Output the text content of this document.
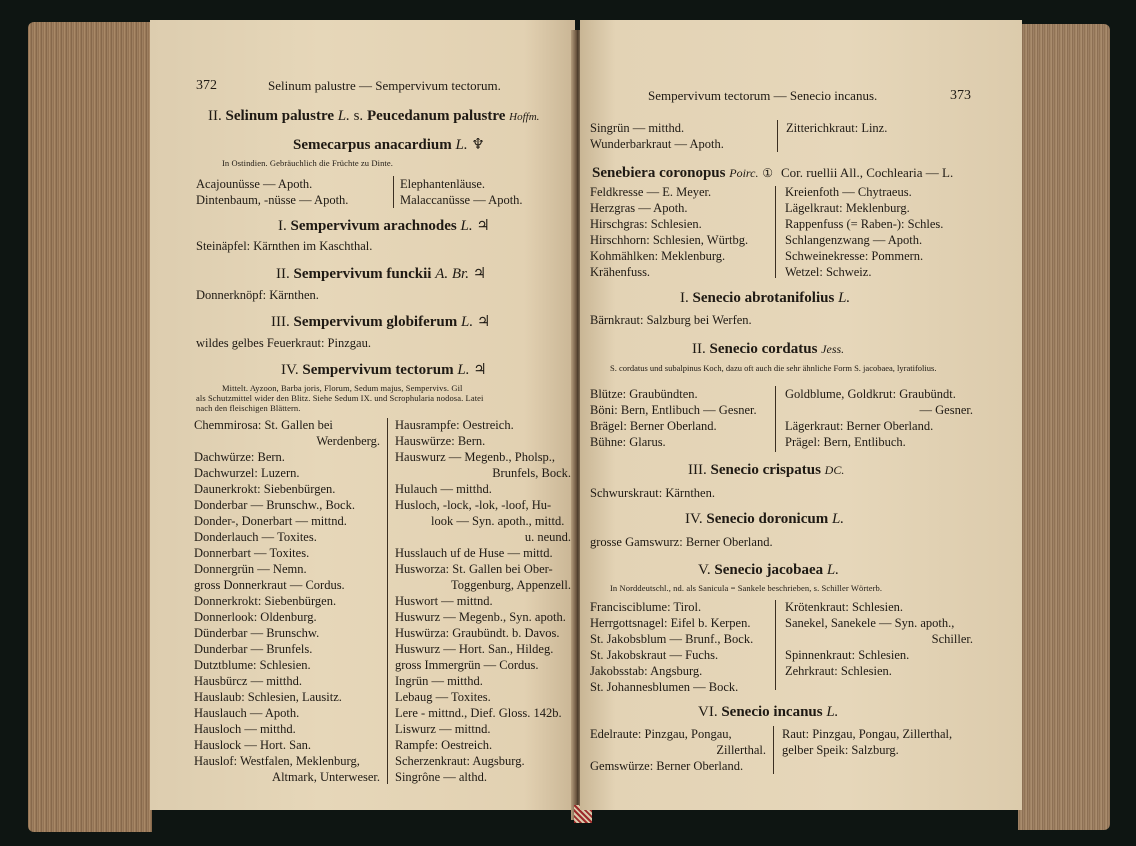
372	Selinum palustre — Sempervivum tectorum.
II. Selinum palustre L. s. Peucedanum palustre Hoffm.
Semecarpus anacardium L. ♆
In Ostindien. Gebräuchlich die Früchte zu Dinte.
Acajounüsse — Apoth.
Dintenbaum, -nüsse — Apoth.
Elephantenläuse.
Malaccanüsse — Apoth.
I. Sempervivum arachnodes L. ♃
Steinäpfel: Kärnthen im Kaschthal.
II. Sempervivum funckii A. Br. ♃
Donnerknöpf: Kärnthen.
III. Sempervivum globiferum L. ♃
wildes gelbes Feuerkraut: Pinzgau.
IV. Sempervivum tectorum L. ♃
Mittelt. Ayzoon, Barba joris, Florum, Sedum majus, Sempervivs. Gil
als Schutzmittel wider den Blitz. Siehe Sedum IX. und Scrophularia nodosa. Latei
nach den fleischigen Blättern.
Chemmirosa: St. Gallen bei
Werdenberg.
Dachwürze: Bern.
Dachwurzel: Luzern.
Daunerkrokt: Siebenbürgen.
Donderbar — Brunschw., Bock.
Donder-, Donerbart — mittnd.
Donderlauch — Toxites.
Donnerbart — Toxites.
Donnergrün — Nemn.
gross Donnerkraut — Cordus.
Donnerkrokt: Siebenbürgen.
Donnerlook: Oldenburg.
Dünderbar — Brunschw.
Dunderbar — Brunfels.
Dutztblume: Schlesien.
Hausbürcz — mitthd.
Hauslaub: Schlesien, Lausitz.
Hauslauch — Apoth.
Hausloch — mitthd.
Hauslock — Hort. San.
Hauslof: Westfalen, Meklenburg,
Altmark, Unterweser.
Hausrampfe: Oestreich.
Hauswürze: Bern.
Hauswurz — Megenb., Pholsp.,
Brunfels, Bock.
Hulauch — mitthd.
Husloch, -lock, -lok, -loof, Hu-
look — Syn. apoth., mittd.
u. neund.
Husslauch uf de Huse — mittd.
Husworza: St. Gallen bei Ober-
Toggenburg, Appenzell.
Huswort — mittnd.
Huswurz — Megenb., Syn. apoth.
Huswürza: Graubündt. b. Davos.
Huswurz — Hort. San., Hildeg.
gross Immergrün — Cordus.
Ingrün — mitthd.
Lebaug — Toxites.
Lere - mittnd., Dief. Gloss. 142b.
Liswurz — mittnd.
Rampfe: Oestreich.
Scherzenkraut: Augsburg.
Singrône — althd.
Sempervivum tectorum — Senecio incanus.	373
Singrün — mitthd.
Wunderbarkraut — Apoth.
Zitterichkraut: Linz.
Senebiera coronopus Poirc. ① Cor. ruellii All., Cochlearia — L.
Feldkresse — E. Meyer.
Herzgras — Apoth.
Hirschgras: Schlesien.
Hirschhorn: Schlesien, Würtbg.
Kohmählken: Meklenburg.
Krähenfuss.
Kreienfoth — Chytraeus.
Lägelkraut: Meklenburg.
Rappenfuss (= Raben-): Schles.
Schlangenzwang — Apoth.
Schweinekresse: Pommern.
Wetzel: Schweiz.
I. Senecio abrotanifolius L.
Bärnkraut: Salzburg bei Werfen.
II. Senecio cordatus Jess.
S. cordatus und subalpinus Koch, dazu oft auch die sehr ähnliche Form S. jacobaea, lyratifolius.
Blütze: Graubündten.
Böni: Bern, Entlibuch — Gesner.
Brägel: Berner Oberland.
Bühne: Glarus.
Goldblume, Goldkrut: Graubündt.
— Gesner.
Lägerkraut: Berner Oberland.
Prägel: Bern, Entlibuch.
III. Senecio crispatus DC.
Schwurskraut: Kärnthen.
IV. Senecio doronicum L.
grosse Gamswurz: Berner Oberland.
V. Senecio jacobaea L.
In Norddeutschl., nd. als Sanicula = Sankele beschrieben, s. Schiller Wörterb.
Francisciblume: Tirol.
Herrgottsnagel: Eifel b. Kerpen.
St. Jakobsblum — Brunf., Bock.
St. Jakobskraut — Fuchs.
Jakobsstab: Angsburg.
St. Johannesblumen — Bock.
Krötenkraut: Schlesien.
Sanekel, Sanekele — Syn. apoth.,
Schiller.
Spinnenkraut: Schlesien.
Zehrkraut: Schlesien.
VI. Senecio incanus L.
Edelraute: Pinzgau, Pongau,
Zillerthal.
Gemswürze: Berner Oberland.
Raut: Pinzgau, Pongau, Zillerthal,
gelber Speik: Salzburg.
